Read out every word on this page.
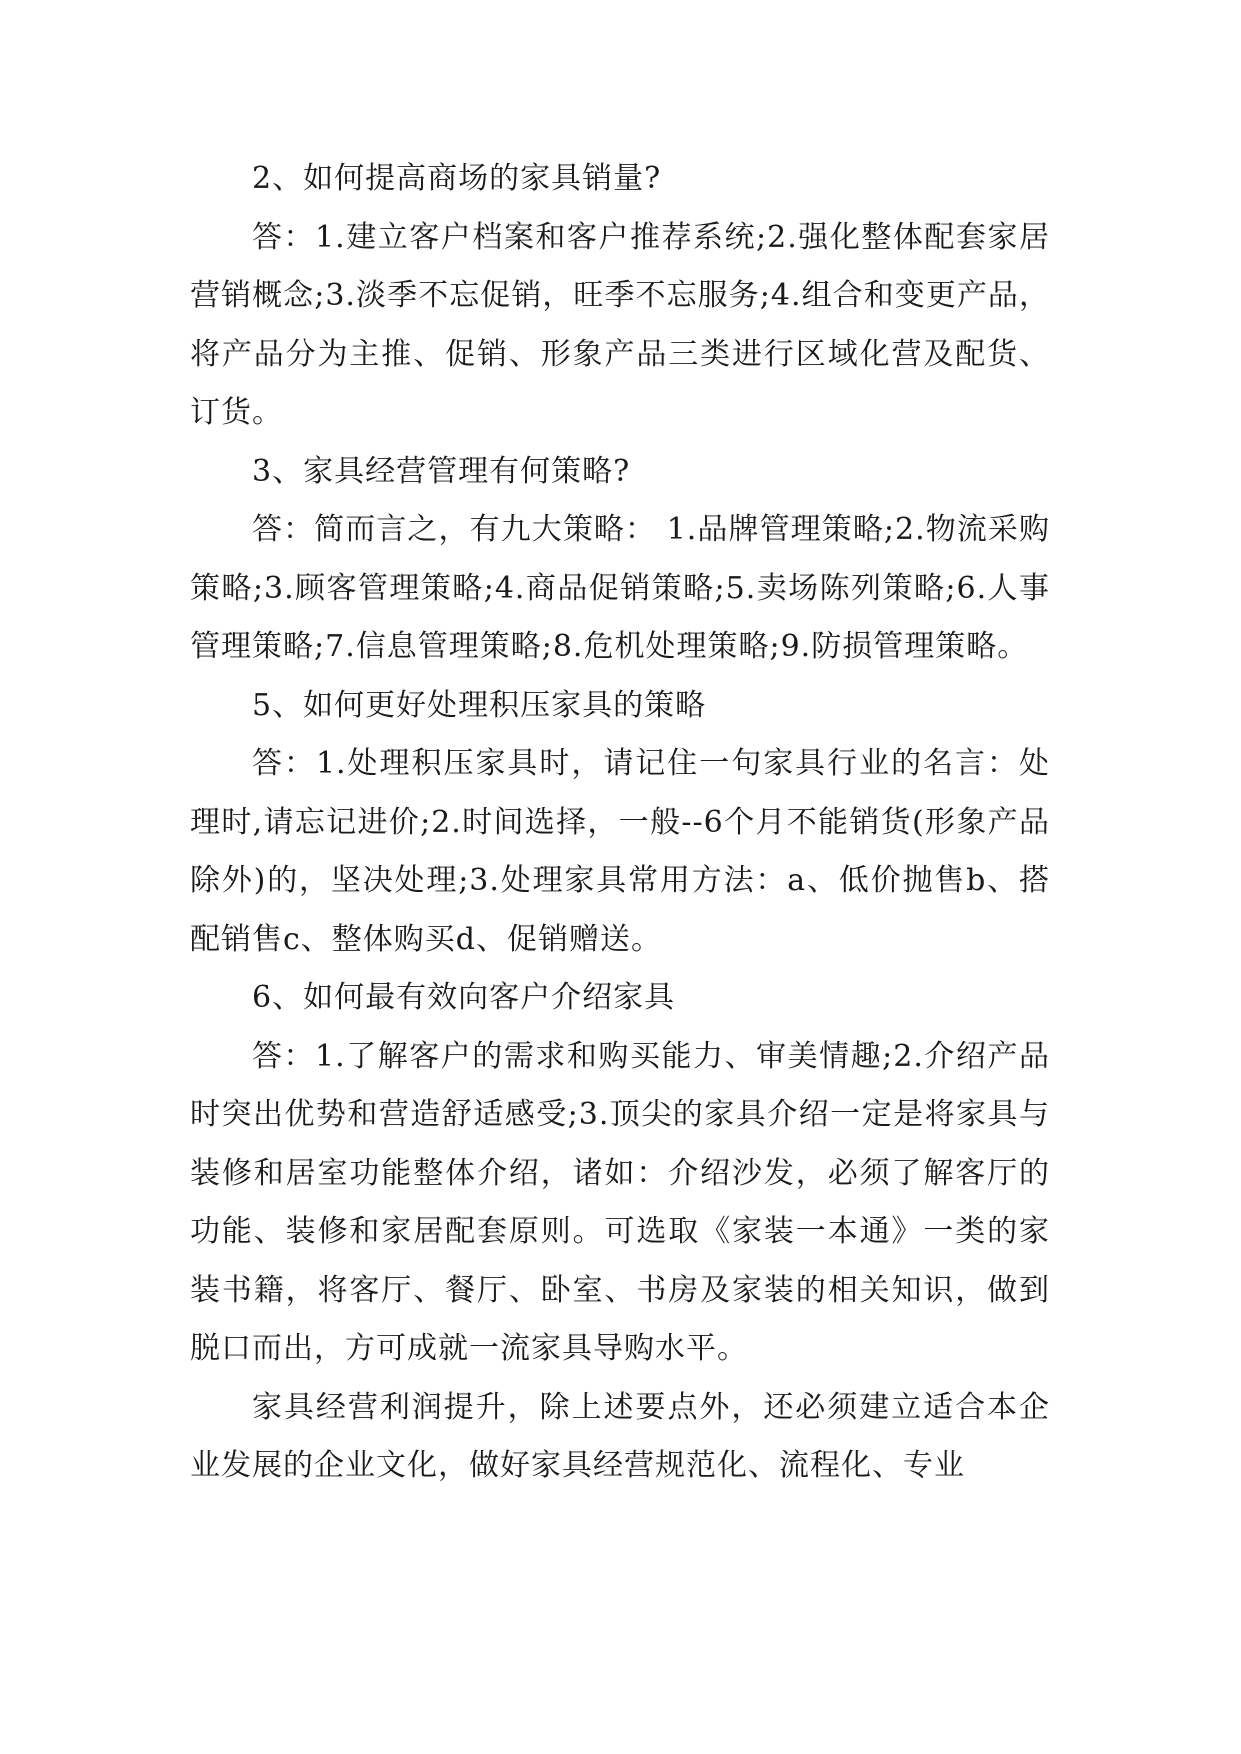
2、如何提高商场的家具销量?

答：1.建立客户档案和客户推荐系统;2.强化整体配套家居营销概念;3.淡季不忘促销，旺季不忘服务;4.组合和变更产品，将产品分为主推、促销、形象产品三类进行区域化营及配货、订货。

3、家具经营管理有何策略?

答：简而言之，有九大策略： 1.品牌管理策略;2.物流采购策略;3.顾客管理策略;4.商品促销策略;5.卖场陈列策略;6.人事管理策略;7.信息管理策略;8.危机处理策略;9.防损管理策略。

5、如何更好处理积压家具的策略

答：1.处理积压家具时，请记住一句家具行业的名言：处理时,请忘记进价;2.时间选择，一般--6个月不能销货(形象产品除外)的，坚决处理;3.处理家具常用方法：a、低价抛售b、搭配销售c、整体购买d、促销赠送。

6、如何最有效向客户介绍家具

答：1.了解客户的需求和购买能力、审美情趣;2.介绍产品时突出优势和营造舒适感受;3.顶尖的家具介绍一定是将家具与装修和居室功能整体介绍，诸如：介绍沙发，必须了解客厅的功能、装修和家居配套原则。可选取《家装一本通》一类的家装书籍，将客厅、餐厅、卧室、书房及家装的相关知识，做到脱口而出，方可成就一流家具导购水平。

家具经营利润提升，除上述要点外，还必须建立适合本企业发展的企业文化，做好家具经营规范化、流程化、专业
